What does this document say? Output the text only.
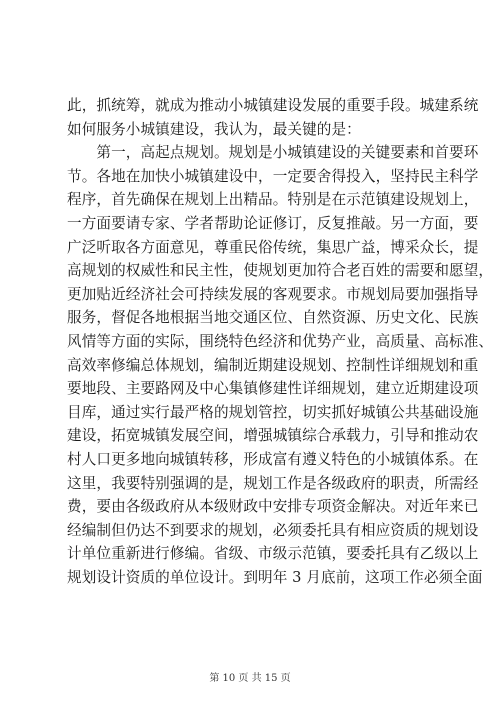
此，抓统筹，就成为推动小城镇建设发展的重要手段。城建系统
如何服务小城镇建设，我认为，最关键的是：
　　第一，高起点规划。规划是小城镇建设的关键要素和首要环
节。各地在加快小城镇建设中，一定要舍得投入，坚持民主科学
程序，首先确保在规划上出精品。特别是在示范镇建设规划上，
一方面要请专家、学者帮助论证修订，反复推敲。另一方面，要
广泛听取各方面意见，尊重民俗传统，集思广益，博采众长，提
高规划的权威性和民主性，使规划更加符合老百姓的需要和愿望，
更加贴近经济社会可持续发展的客观要求。市规划局要加强指导
服务，督促各地根据当地交通区位、自然资源、历史文化、民族
风情等方面的实际，围绕特色经济和优势产业，高质量、高标准、
高效率修编总体规划，编制近期建设规划、控制性详细规划和重
要地段、主要路网及中心集镇修建性详细规划，建立近期建设项
目库，通过实行最严格的规划管控，切实抓好城镇公共基础设施
建设，拓宽城镇发展空间，增强城镇综合承载力，引导和推动农
村人口更多地向城镇转移，形成富有遵义特色的小城镇体系。在
这里，我要特别强调的是，规划工作是各级政府的职责，所需经
费，要由各级政府从本级财政中安排专项资金解决。对近年来已
经编制但仍达不到要求的规划，必须委托具有相应资质的规划设
计单位重新进行修编。省级、市级示范镇，要委托具有乙级以上
规划设计资质的单位设计。到明年 3 月底前，这项工作必须全面
第 10 页 共 15 页
